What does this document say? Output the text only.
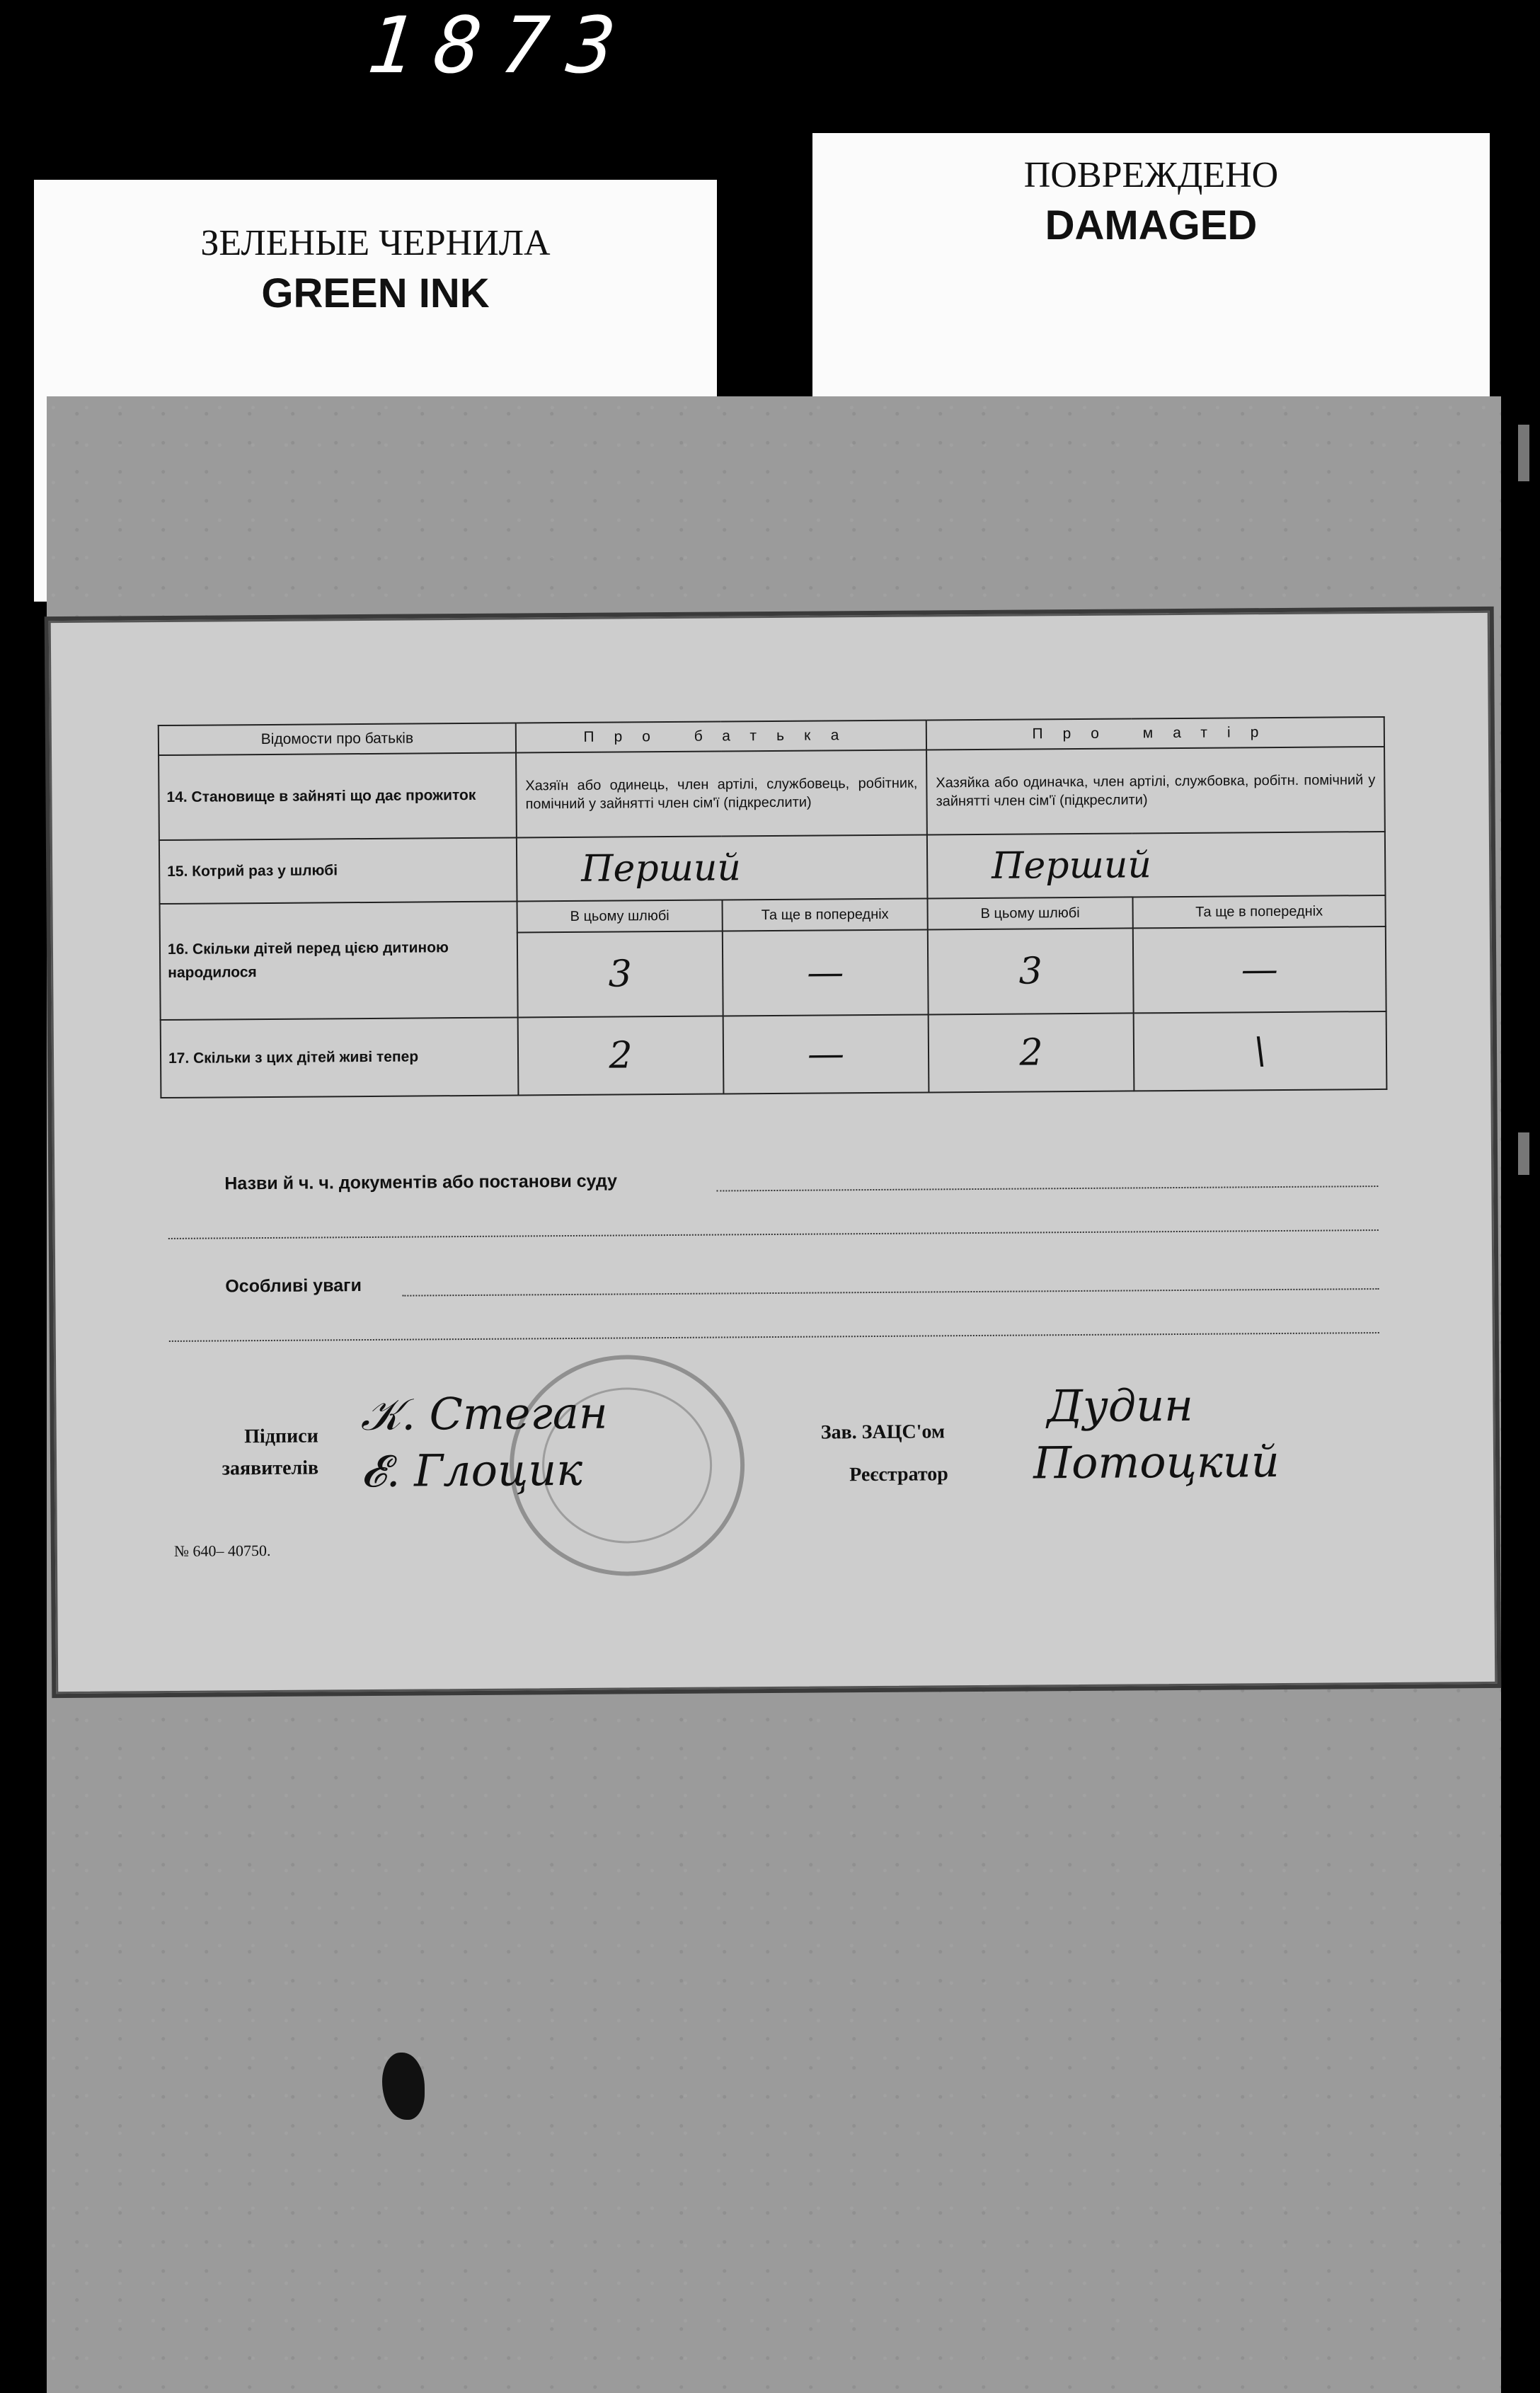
1873
ЗЕЛЕНЫЕ ЧЕРНИЛА
GREEN INK
ПОВРЕЖДЕНО
DAMAGED
Відомости про батьків	Про батька		Про матір	
14. Становище в зайняті що дає прожиток	Хазяїн або одинець, член артілі, службовець, робітник, помічний у зайнятті член сім'ї (підкреслити)		Хазяйка або одиначка, член артілі, службовка, робітн. помічний у зайнятті член сім'ї (підкреслити)	
15. Котрий раз у шлюбі	Перший		Перший	
16. Скільки дітей перед цією дитиною народилося	В цьому шлюбі	Та ще в попередніх	В цьому шлюбі	Та ще в попередніх
	3	—	3	—
17. Скільки з цих дітей живі тепер	2	—	2	\
Назви й ч. ч. документів або постанови суду
Особливі уваги
Підписи
заявителів
𝒦. Стеган
𝓔. Глоцик
Зав. ЗАЦС'ом
Реєстратор
Дудин
Потоцкий
№ 640– 40750.
